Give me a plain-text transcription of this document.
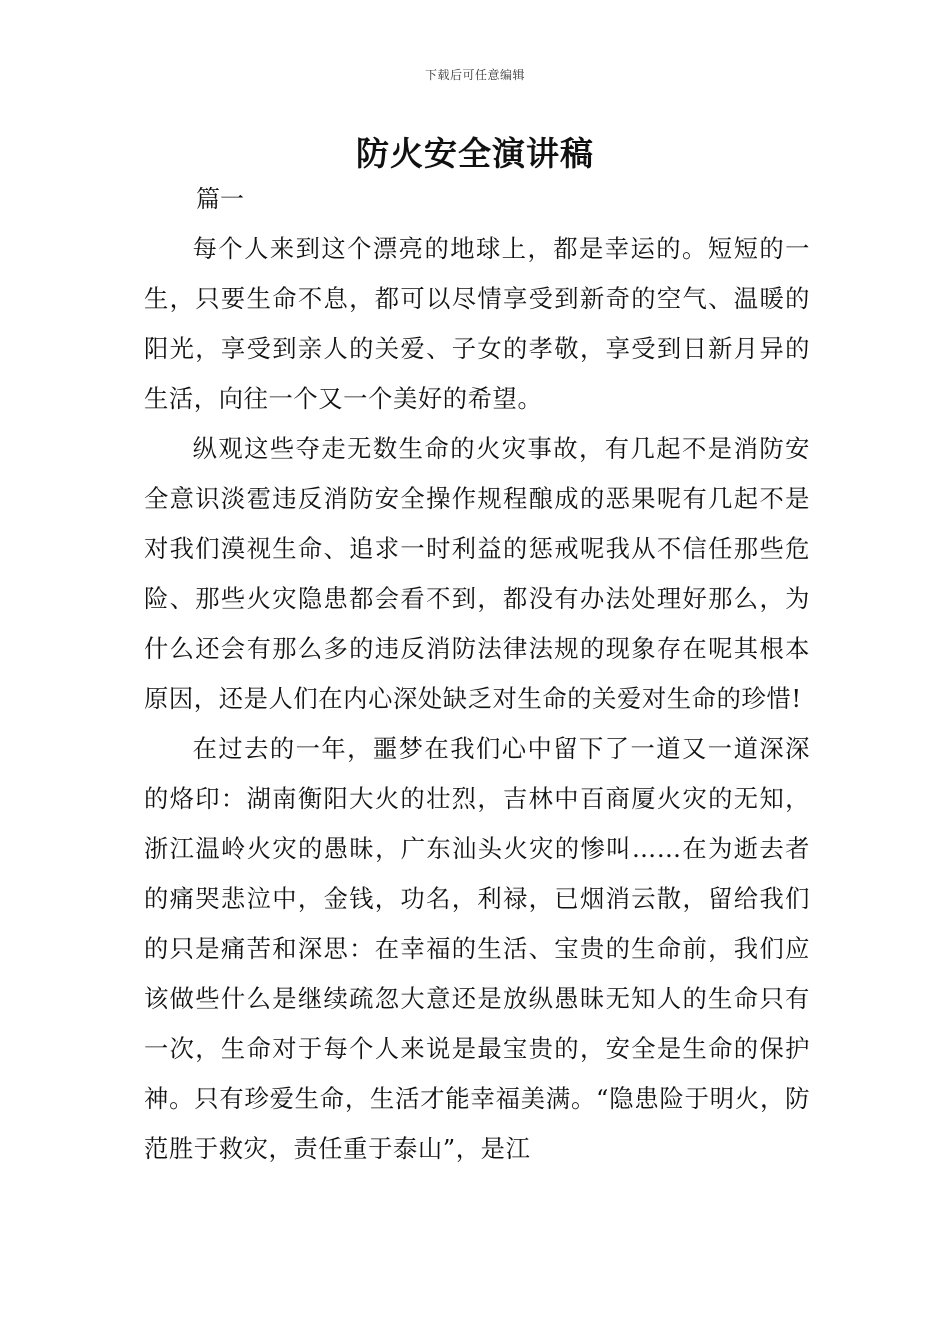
下载后可任意编辑
防火安全演讲稿
篇一

每个人来到这个漂亮的地球上，都是幸运的。短短的一生，只要生命不息，都可以尽情享受到新奇的空气、温暖的阳光，享受到亲人的关爱、子女的孝敬，享受到日新月异的生活，向往一个又一个美好的希望。

纵观这些夺走无数生命的火灾事故，有几起不是消防安全意识淡雹违反消防安全操作规程酿成的恶果呢有几起不是对我们漠视生命、追求一时利益的惩戒呢我从不信任那些危险、那些火灾隐患都会看不到，都没有办法处理好那么，为什么还会有那么多的违反消防法律法规的现象存在呢其根本原因，还是人们在内心深处缺乏对生命的关爱对生命的珍惜!

在过去的一年，噩梦在我们心中留下了一道又一道深深的烙印：湖南衡阳大火的壮烈，吉林中百商厦火灾的无知，浙江温岭火灾的愚昧，广东汕头火灾的惨叫……在为逝去者的痛哭悲泣中，金钱，功名，利禄，已烟消云散，留给我们的只是痛苦和深思：在幸福的生活、宝贵的生命前，我们应该做些什么是继续疏忽大意还是放纵愚昧无知人的生命只有一次，生命对于每个人来说是最宝贵的，安全是生命的保护神。只有珍爱生命，生活才能幸福美满。“隐患险于明火，防范胜于救灾，责任重于泰山”，是江
